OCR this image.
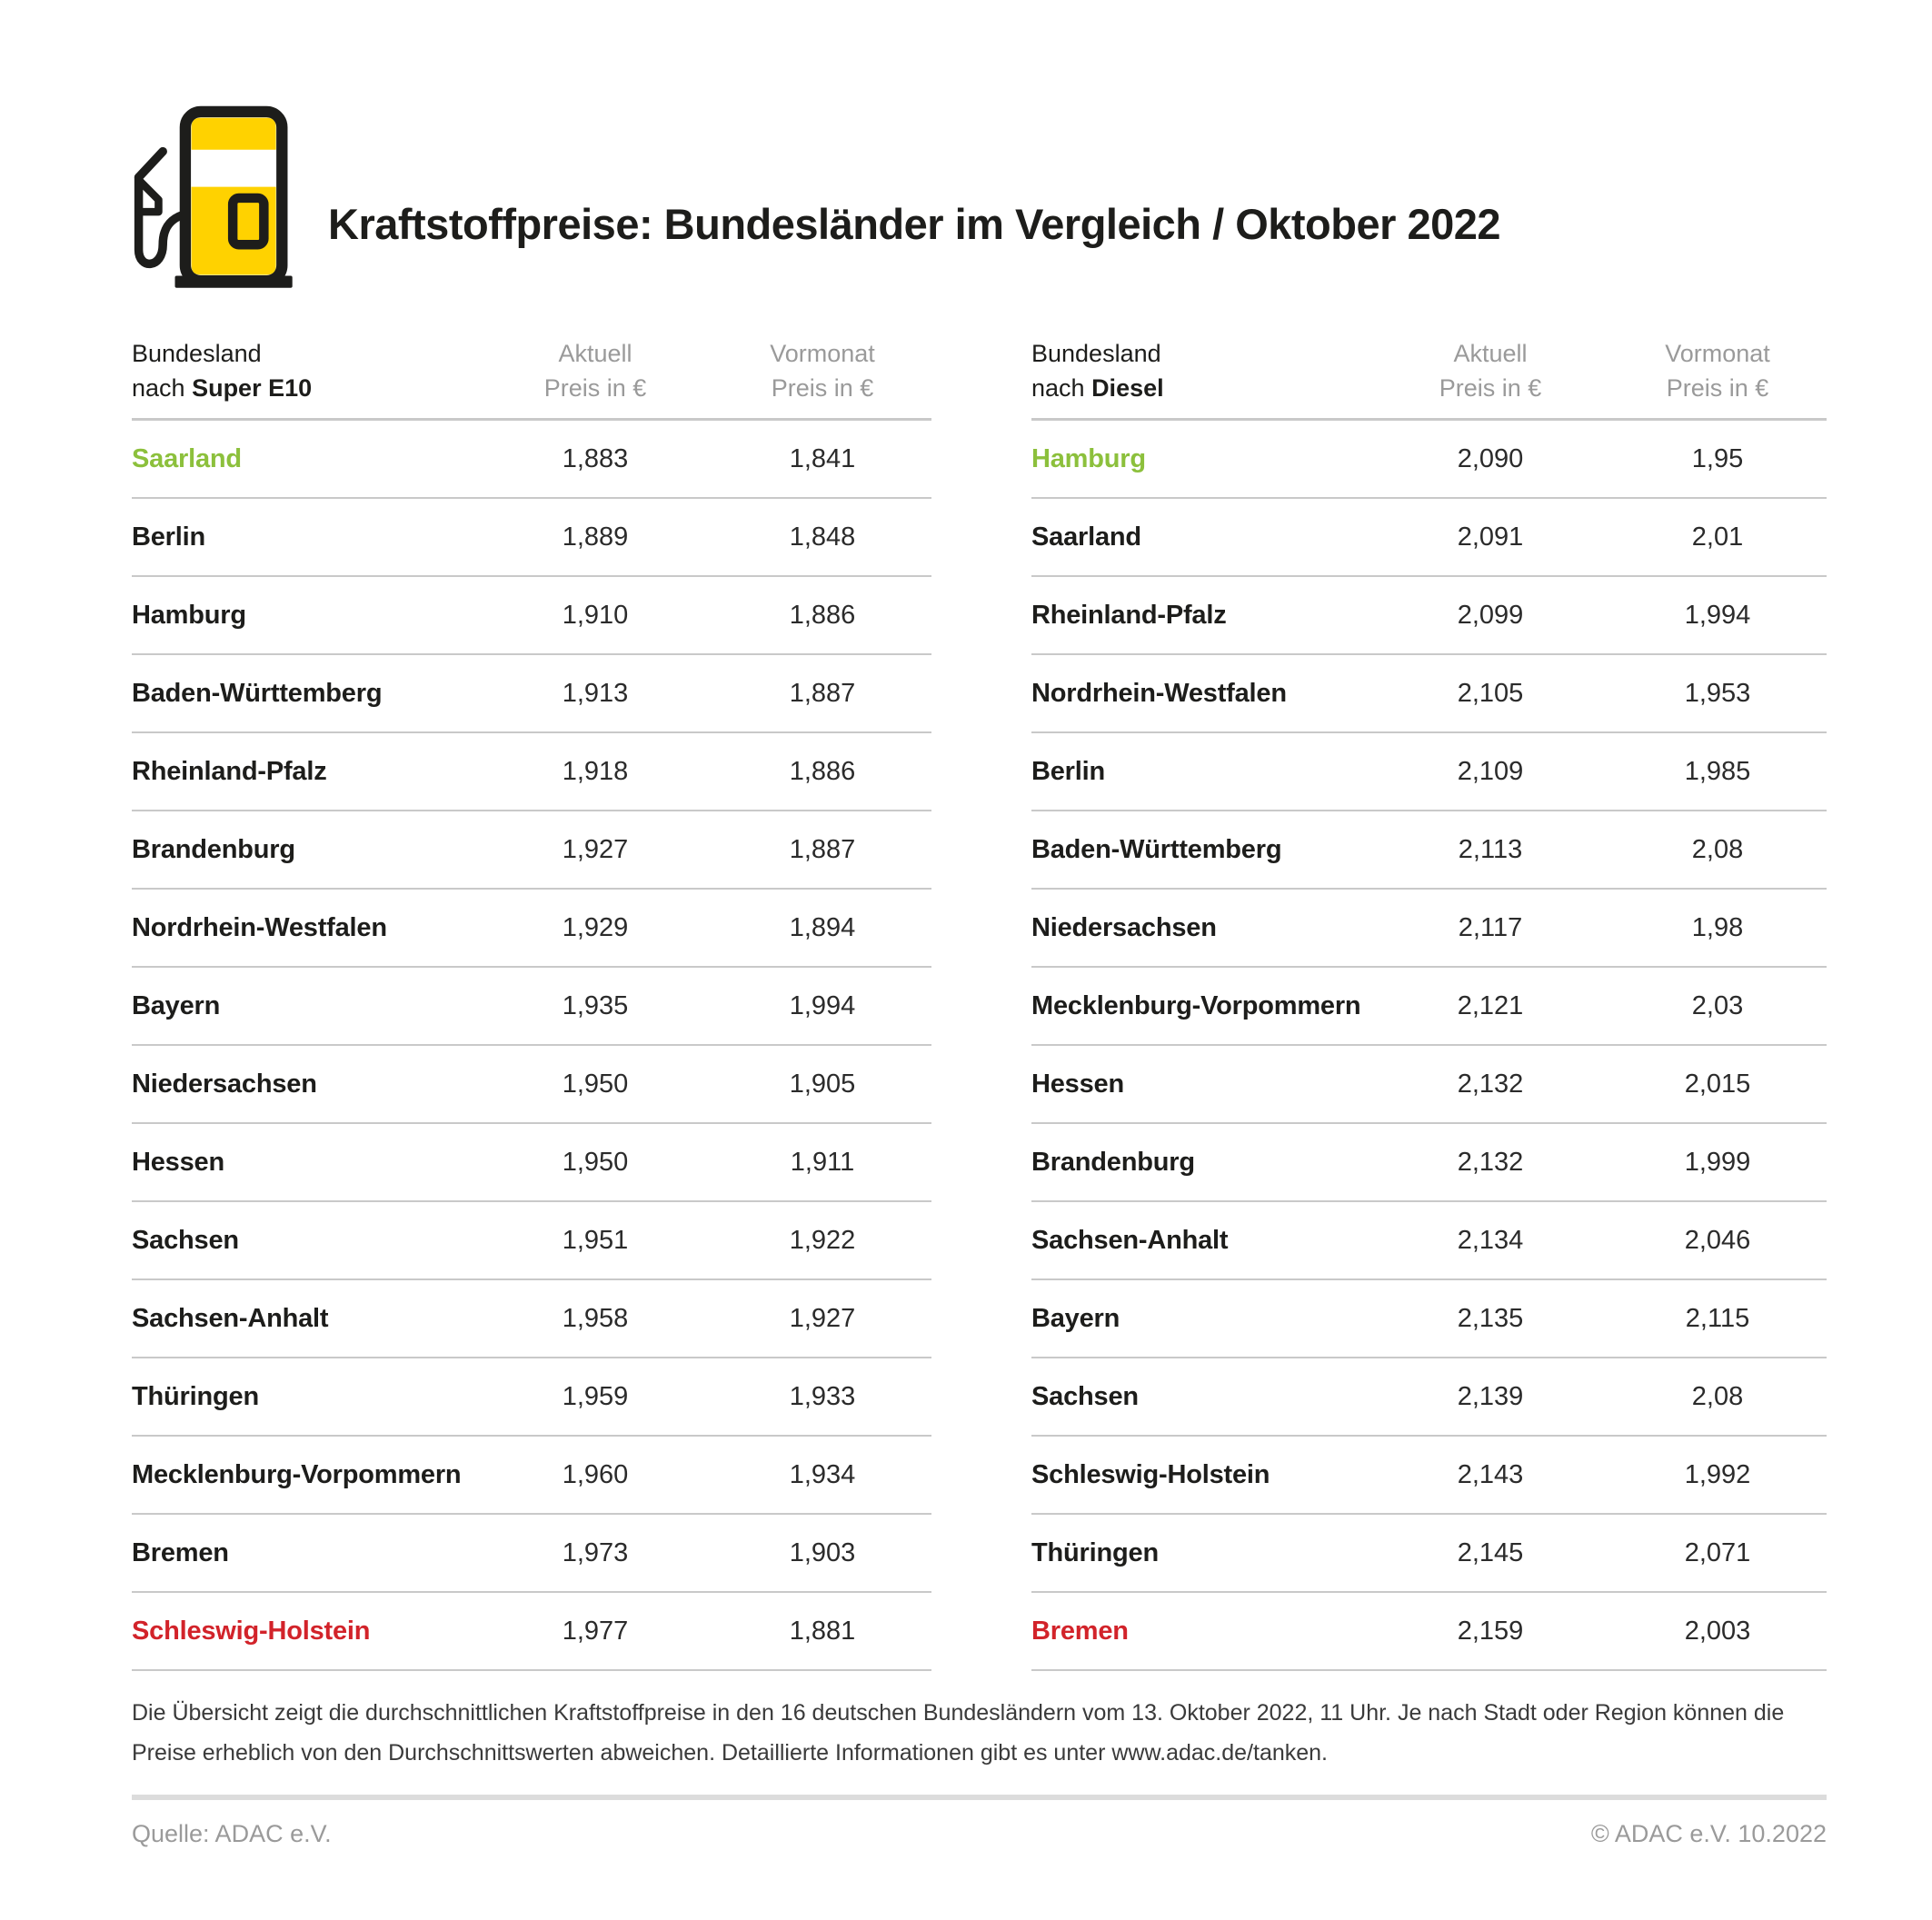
Kraftstoffpreise: Bundesländer im Vergleich / Oktober 2022
Bundesland
nach Super E10
Aktuell
Preis in €
Vormonat
Preis in €
Saarland	1,883	1,841
Berlin	1,889	1,848
Hamburg	1,910	1,886
Baden-Württemberg	1,913	1,887
Rheinland-Pfalz	1,918	1,886
Brandenburg	1,927	1,887
Nordrhein-Westfalen	1,929	1,894
Bayern	1,935	1,994
Niedersachsen	1,950	1,905
Hessen	1,950	1,911
Sachsen	1,951	1,922
Sachsen-Anhalt	1,958	1,927
Thüringen	1,959	1,933
Mecklenburg-Vorpommern	1,960	1,934
Bremen	1,973	1,903
Schleswig-Holstein	1,977	1,881
Bundesland
nach Diesel
Aktuell
Preis in €
Vormonat
Preis in €
Hamburg	2,090	1,95
Saarland	2,091	2,01
Rheinland-Pfalz	2,099	1,994
Nordrhein-Westfalen	2,105	1,953
Berlin	2,109	1,985
Baden-Württemberg	2,113	2,08
Niedersachsen	2,117	1,98
Mecklenburg-Vorpommern	2,121	2,03
Hessen	2,132	2,015
Brandenburg	2,132	1,999
Sachsen-Anhalt	2,134	2,046
Bayern	2,135	2,115
Sachsen	2,139	2,08
Schleswig-Holstein	2,143	1,992
Thüringen	2,145	2,071
Bremen	2,159	2,003

Die Übersicht zeigt die durchschnittlichen Kraftstoffpreise in den 16 deutschen Bundesländern vom 13. Oktober 2022, 11 Uhr. Je nach Stadt oder Region können die
Preise erheblich von den Durchschnittswerten abweichen. Detaillierte Informationen gibt es unter www.adac.de/tanken.

Quelle: ADAC e.V.	© ADAC e.V. 10.2022
